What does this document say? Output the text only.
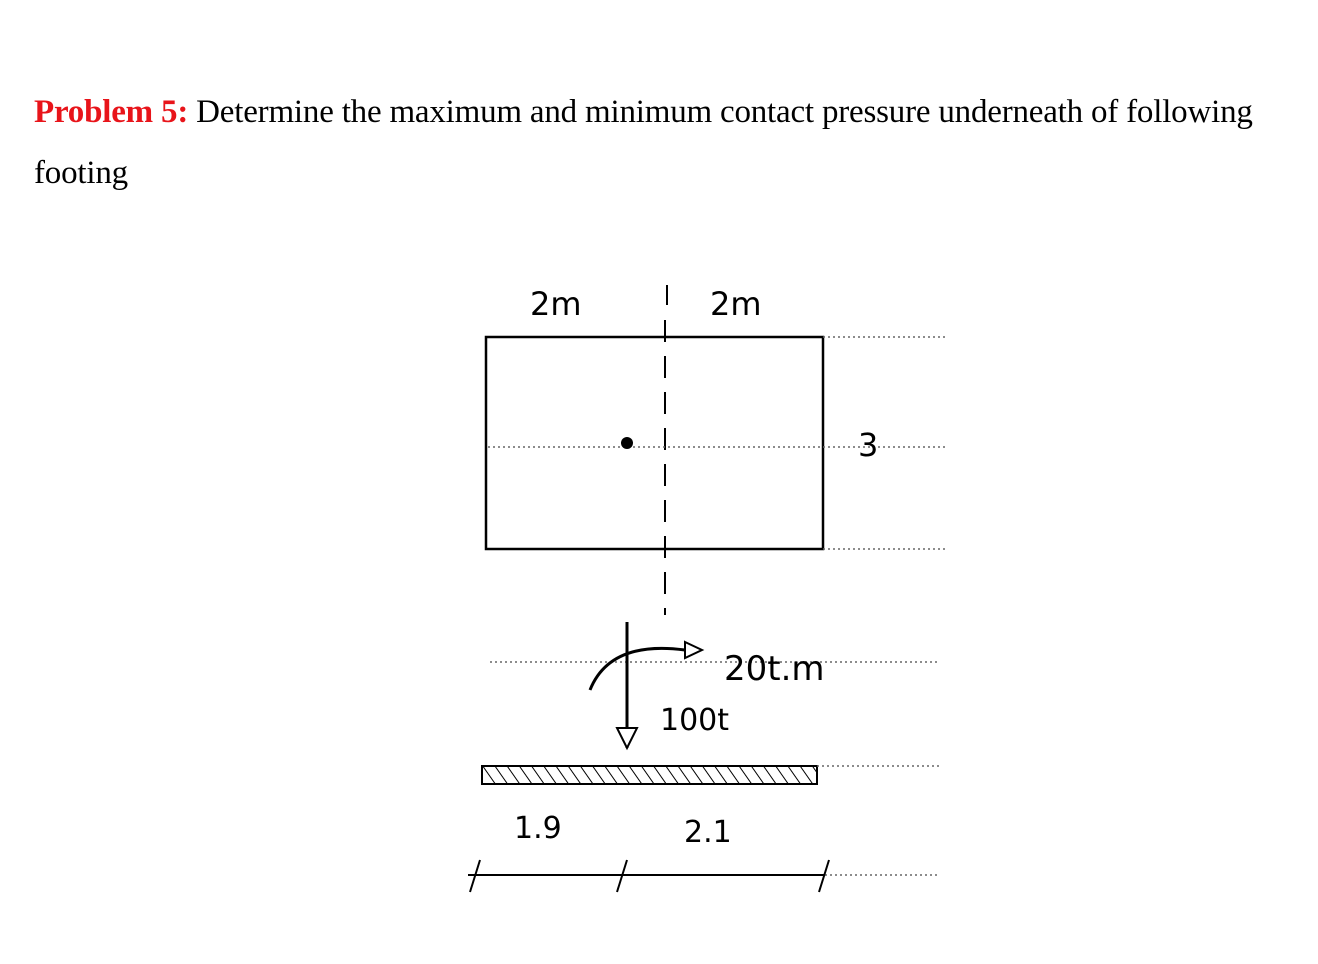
Problem 5: Determine the maximum and minimum contact pressure underneath of following footing
2m	2m
3
20t.m
100t
1.9	2.1
